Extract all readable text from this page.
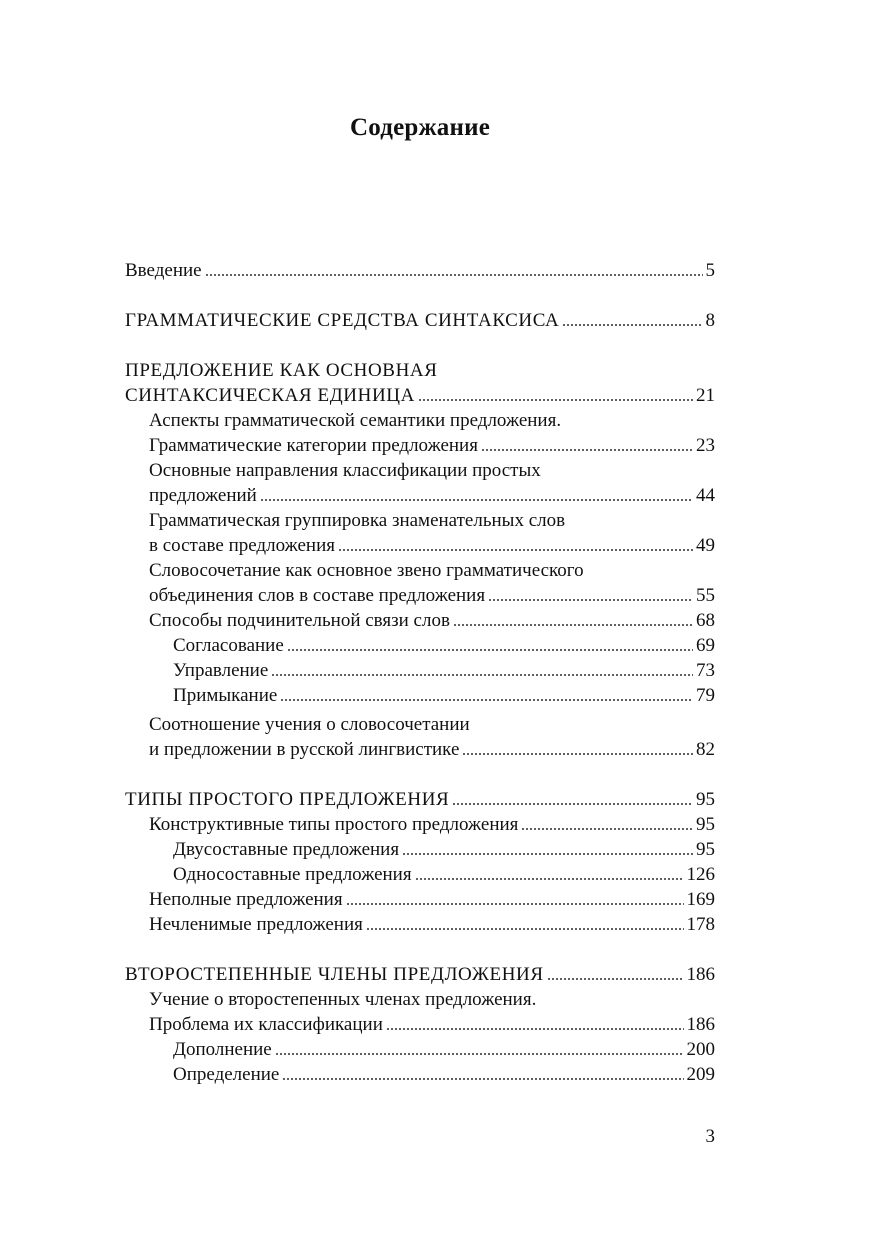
Содержание
Введение	5
ГРАММАТИЧЕСКИЕ СРЕДСТВА СИНТАКСИСА	8
ПРЕДЛОЖЕНИЕ КАК ОСНОВНАЯ
СИНТАКСИЧЕСКАЯ ЕДИНИЦА	21
Аспекты грамматической семантики предложения.
Грамматические категории предложения	23
Основные направления классификации простых
предложений	44
Грамматическая группировка знаменательных слов
в составе предложения	49
Словосочетание как основное звено грамматического
объединения слов в составе предложения	55
Способы подчинительной связи слов	68
Согласование	69
Управление	73
Примыкание	79
Соотношение учения о словосочетании
и предложении в русской лингвистике	82
ТИПЫ ПРОСТОГО ПРЕДЛОЖЕНИЯ	95
Конструктивные типы простого предложения	95
Двусоставные предложения	95
Односоставные предложения	126
Неполные предложения	169
Нечленимые предложения	178
ВТОРОСТЕПЕННЫЕ ЧЛЕНЫ ПРЕДЛОЖЕНИЯ	186
Учение о второстепенных членах предложения.
Проблема их классификации	186
Дополнение	200
Определение	209
3
